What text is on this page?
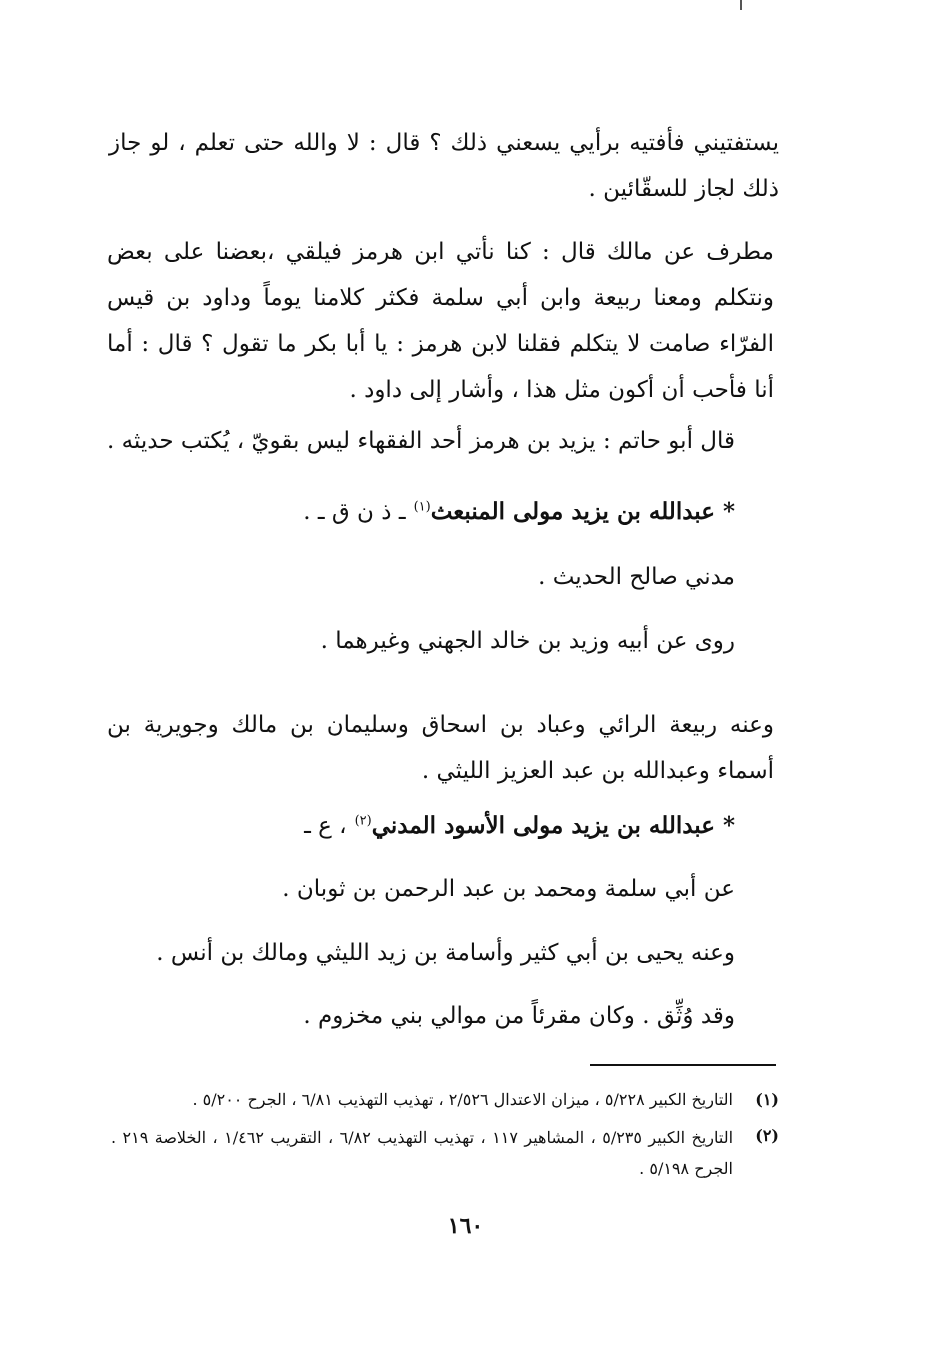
يستفتيني فأفتيه برأيي يسعني ذلك ؟ قال : لا والله حتى تعلم ، لو جاز ذلك لجاز للسقّائين .

مطرف عن مالك قال : كنا نأتي ابن هرمز فيلقي ،بعضنا على بعض ونتكلم ومعنا ربيعة وابن أبي سلمة فكثر كلامنا يوماً وداود بن قيس الفرّاء صامت لا يتكلم فقلنا لابن هرمز : يا أبا بكر ما تقول ؟ قال : أما أنا فأحب أن أكون مثل هذا ، وأشار إلى داود .

قال أبو حاتم : يزيد بن هرمز أحد الفقهاء ليس بقويّ ، يُكتب حديثه .
* عبدالله بن يزيد مولى المنبعث$^{(١)}$ ـ ذ ن ق ـ .
مدني صالح الحديث .
روى عن أبيه وزيد بن خالد الجهني وغيرهما .

وعنه ربيعة الرائي وعباد بن اسحاق وسليمان بن مالك وجويرية بن أسماء وعبدالله بن عبد العزيز الليثي .

* عبدالله بن يزيد مولى الأسود المدني$^{(٢)}$ ، ع ـ
عن أبي سلمة ومحمد بن عبد الرحمن بن ثوبان .
وعنه يحيى بن أبي كثير وأسامة بن زيد الليثي ومالك بن أنس .
وقد وُثِّق . وكان مقرئاً من موالي بني مخزوم .
(١)

التاريخ الكبير ٥/٢٢٨ ، ميزان الاعتدال ٢/٥٢٦ ، تهذيب التهذيب ٦/٨١ ، الجرح ٥/٢٠٠ .

(٢)

التاريخ الكبير ٥/٢٣٥ ، المشاهير ١١٧ ، تهذيب التهذيب ٦/٨٢ ، التقريب ١/٤٦٢ ، الخلاصة ٢١٩ . الجرح ٥/١٩٨ .

١٦٠
